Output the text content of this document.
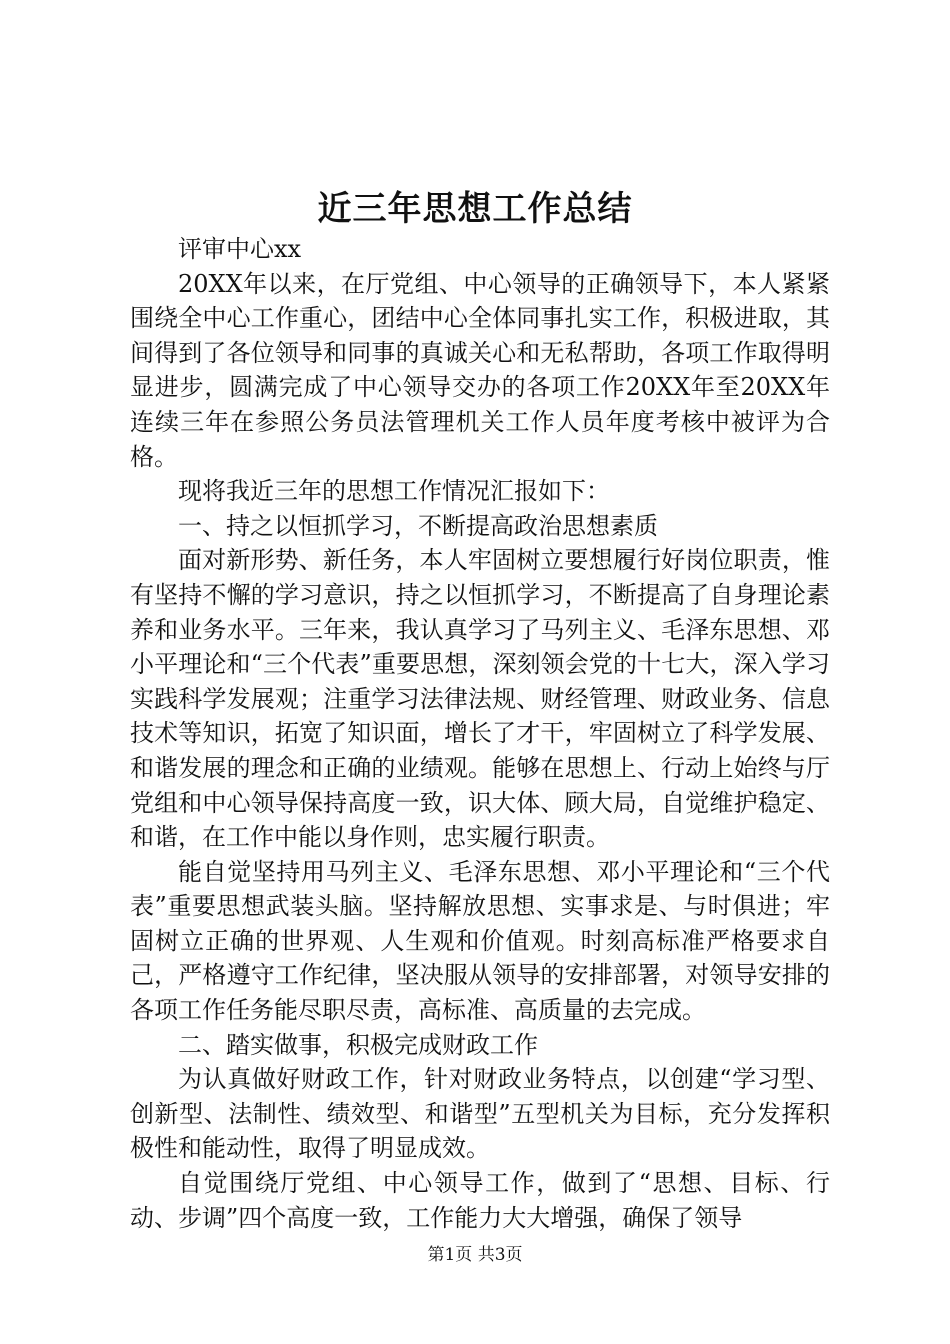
近三年思想工作总结

评审中心xx

20XX年以来，在厅党组、中心领导的正确领导下，本人紧紧围绕全中心工作重心，团结中心全体同事扎实工作，积极进取，其间得到了各位领导和同事的真诚关心和无私帮助，各项工作取得明显进步，圆满完成了中心领导交办的各项工作20XX年至20XX年连续三年在参照公务员法管理机关工作人员年度考核中被评为合格。

现将我近三年的思想工作情况汇报如下：

一、持之以恒抓学习，不断提高政治思想素质

面对新形势、新任务，本人牢固树立要想履行好岗位职责，惟有坚持不懈的学习意识，持之以恒抓学习，不断提高了自身理论素养和业务水平。三年来，我认真学习了马列主义、毛泽东思想、邓小平理论和“三个代表”重要思想，深刻领会党的十七大，深入学习实践科学发展观；注重学习法律法规、财经管理、财政业务、信息技术等知识，拓宽了知识面，增长了才干，牢固树立了科学发展、和谐发展的理念和正确的业绩观。能够在思想上、行动上始终与厅党组和中心领导保持高度一致，识大体、顾大局，自觉维护稳定、和谐，在工作中能以身作则，忠实履行职责。

能自觉坚持用马列主义、毛泽东思想、邓小平理论和“三个代表”重要思想武装头脑。坚持解放思想、实事求是、与时俱进；牢固树立正确的世界观、人生观和价值观。时刻高标准严格要求自己，严格遵守工作纪律，坚决服从领导的安排部署，对领导安排的各项工作任务能尽职尽责，高标准、高质量的去完成。

二、踏实做事，积极完成财政工作

为认真做好财政工作，针对财政业务特点，以创建“学习型、创新型、法制性、绩效型、和谐型”五型机关为目标，充分发挥积极性和能动性，取得了明显成效。

自觉围绕厅党组、中心领导工作，做到了“思想、目标、行动、步调”四个高度一致，工作能力大大增强，确保了领导

第1页 共3页
